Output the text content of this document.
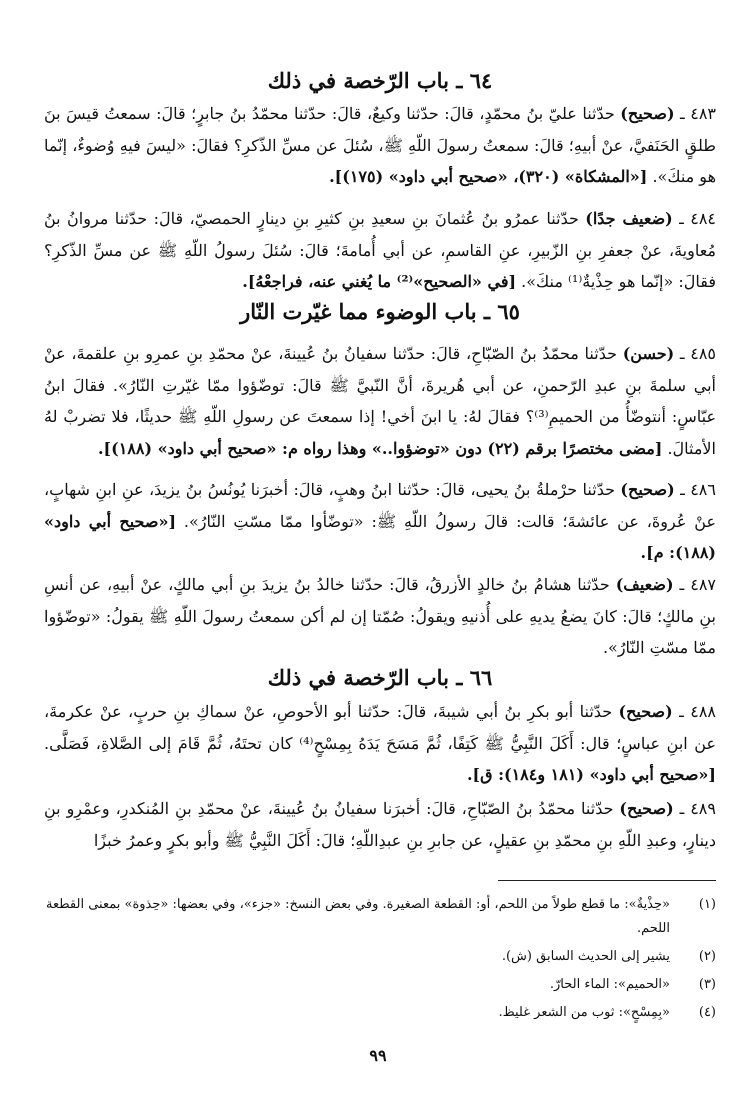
٦٤ ـ باب الرّخصة في ذلك

٤٨٣ ـ (صحيح) حدّثنا عليّ بنُ محمّدٍ، قالَ: حدّثنا وكيعٌ، قالَ: حدّثنا محمّدُ بنُ جابرٍ؛ قالَ: سمعتُ قيسَ بنَ طلقٍ الحَنَفيَّ، عنْ أبيهِ؛ قالَ: سمعتُ رسولَ اللّهِ ﷺ، سُئلَ عن مسِّ الذّكرِ؟ فقالَ: «ليسَ فيهِ وُضوءٌ، إنّما هو منكَ». [«المشكاة» (٣٢٠)، «صحيح أبي داود» (١٧٥)].

٤٨٤ ـ (ضعيف جدًا) حدّثنا عمرُو بنُ عُثمانَ بنِ سعيدِ بنِ كثيرِ بنِ دينارٍ الحمصيّ، قالَ: حدّثنا مروانُ بنُ مُعاويةَ، عنْ جعفرِ بنِ الزّبيرِ، عنِ القاسمِ، عن أبي أُمامةَ؛ قالَ: سُئلَ رسولُ اللّهِ ﷺ عن مسِّ الذّكرِ؟ فقالَ: «إنّما هو حِذْيةٌ⁽¹⁾ منكَ». [في «الصحيح»⁽²⁾ ما يُغني عنه، فراجعْهُ].

٦٥ ـ باب الوضوء مما غيّرت النّار

٤٨٥ ـ (حسن) حدّثنا محمّدُ بنُ الصّبّاحِ، قالَ: حدّثنا سفيانُ بنُ عُيينةَ، عنْ محمّدِ بنِ عمرِو بنِ علقمةَ، عنْ أبي سلمةَ بنِ عبدِ الرّحمنِ، عن أبي هُريرةَ، أنَّ النّبيَّ ﷺ قالَ: توضّؤوا ممّا غيّرتِ النّارُ». فقالَ ابنُ عبّاسٍ: أنتوضّأُ من الحميمِ⁽³⁾؟ فقالَ لهُ: يا ابنَ أخي! إذا سمعتَ عن رسولِ اللّهِ ﷺ حديثًا، فلا تضربْ لهُ الأمثالَ. [مضى مختصرًا برقم (٢٢) دون «توضؤوا..» وهذا رواه م: «صحيح أبي داود» (١٨٨)].

٤٨٦ ـ (صحيح) حدّثنا حرْملةُ بنُ يحيى، قالَ: حدّثنا ابنُ وهبٍ، قالَ: أخبرَنا يُونُسُ بنُ يزيدَ، عنِ ابنِ شهابٍ، عنْ عُروةَ، عن عائشةَ؛ قالت: قالَ رسولُ اللّهِ ﷺ: «توضّأوا ممّا مسّتِ النّارُ». [«صحيح أبي داود» (١٨٨): م].

٤٨٧ ـ (ضعيف) حدّثنا هشامُ بنُ خالدٍ الأزرقُ، قالَ: حدّثنا خالدُ بنُ يزيدَ بنِ أبي مالكٍ، عنْ أبيهِ، عن أنسِ بنِ مالكٍ؛ قالَ: كانَ يضعُ يديهِ على أُذنيهِ ويقولُ: صُمّتا إن لم أكن سمعتُ رسولَ اللّهِ ﷺ يقولُ: «توضّؤوا ممّا مسّتِ النّارُ».

٦٦ ـ باب الرّخصة في ذلك

٤٨٨ ـ (صحيح) حدّثنا أبو بكرِ بنُ أبي شيبةَ، قالَ: حدّثنا أبو الأحوصِ، عنْ سماكِ بنِ حربٍ، عنْ عكرمةَ، عن ابنِ عباسٍ؛ قال: أَكَلَ النَّبِيُّ ﷺ كَتِفًا، ثُمَّ مَسَحَ يَدَهُ بِمِسْحٍ⁽⁴⁾ كان تحتَهُ، ثُمَّ قَامَ إلى الصَّلاةِ، فَصَلَّى. [«صحيح أبي داود» (١٨١ و١٨٤): ق].

٤٨٩ ـ (صحيح) حدّثنا محمّدُ بنُ الصّبّاحِ، قالَ: أخبرَنا سفيانُ بنُ عُيينةَ، عنْ محمّدِ بنِ المُنكدرِ، وعمْرِو بنِ دينارٍ، وعبدِ اللّهِ بنِ محمّدِ بنِ عقيلٍ، عن جابرِ بنِ عبدِاللّهِ؛ قالَ: أَكَلَ النَّبِيُّ ﷺ وأبو بكرٍ وعمرُ خبزًا

(١)
«حِذْيةٌ»: ما قطع طولاً من اللحم، أو: القطعة الصغيرة. وفي بعض النسخ: «جزء»، وفي بعضها: «حِذوة» بمعنى القطعة اللحم.
(٢)
يشير إلى الحديث السابق (ش).
(٣)
«الحميم»: الماء الحارّ.
(٤)
«بِمِسْحٍ»: ثوب من الشعر غليظ.
٩٩
